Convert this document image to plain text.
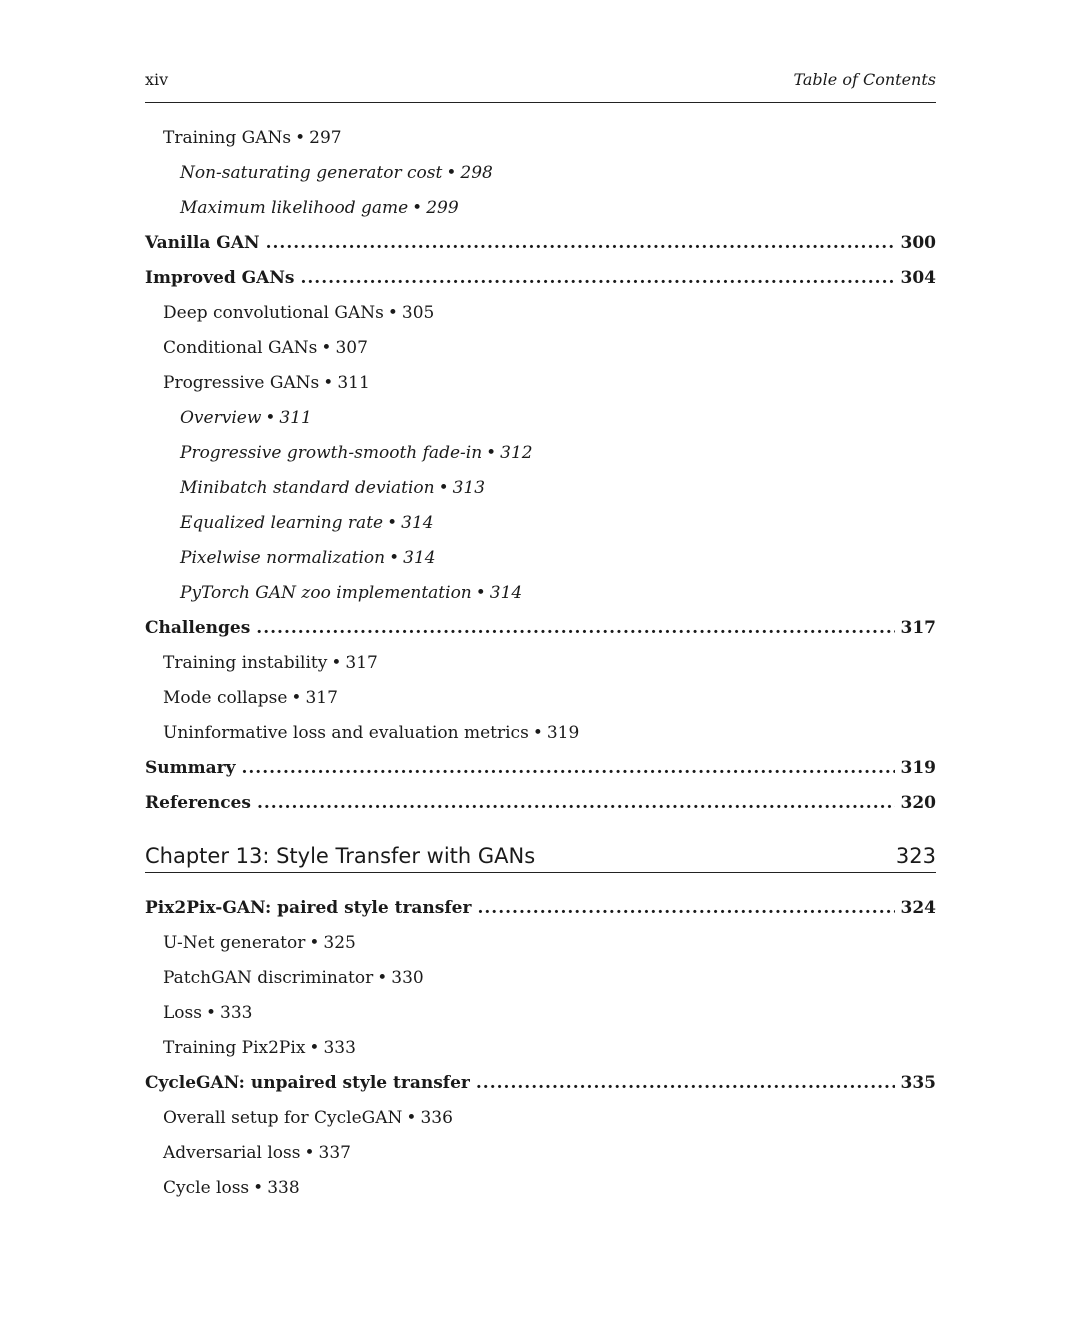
xiv	Table of Contents
Training GANs • 297
Non-saturating generator cost • 298
Maximum likelihood game • 299
Vanilla GAN .....	300
Improved GANs .....	304
Deep convolutional GANs • 305
Conditional GANs • 307
Progressive GANs • 311
Overview • 311
Progressive growth-smooth fade-in • 312
Minibatch standard deviation • 313
Equalized learning rate • 314
Pixelwise normalization • 314
PyTorch GAN zoo implementation • 314
Challenges .....	317
Training instability • 317
Mode collapse • 317
Uninformative loss and evaluation metrics • 319
Summary .....	319
References .....	320
Chapter 13: Style Transfer with GANs	323
Pix2Pix-GAN: paired style transfer .....	324
U-Net generator • 325
PatchGAN discriminator • 330
Loss • 333
Training Pix2Pix • 333
CycleGAN: unpaired style transfer .....	335
Overall setup for CycleGAN • 336
Adversarial loss • 337
Cycle loss • 338
